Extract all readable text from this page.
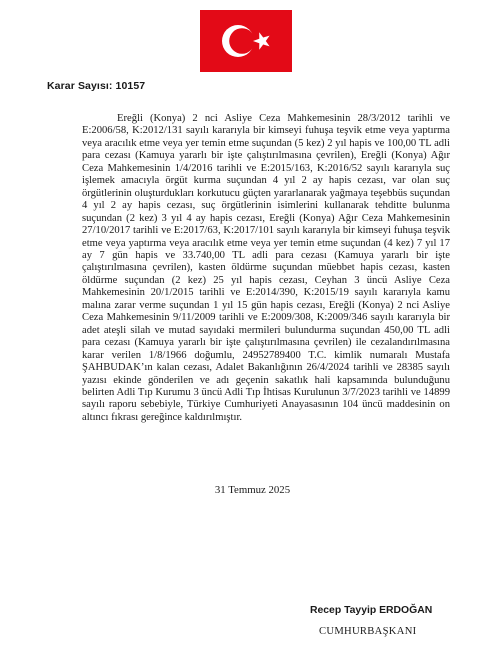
Karar Sayısı: 10157
Ereğli (Konya) 2 nci Asliye Ceza Mahkemesinin 28/3/2012 tarihli ve E:2006/58, K:2012/131 sayılı kararıyla bir kimseyi fuhuşa teşvik etme veya yaptırma veya aracılık etme veya yer temin etme suçundan (5 kez) 2 yıl hapis ve 100,00 TL adli para cezası (Kamuya yararlı bir işte çalıştırılmasına çevrilen), Ereğli (Konya) Ağır Ceza Mahkemesinin 1/4/2016 tarihli ve E:2015/163, K:2016/52 sayılı kararıyla suç işlemek amacıyla örgüt kurma suçundan 4 yıl 2 ay hapis cezası, var olan suç örgütlerinin oluşturdukları korkutucu güçten yararlanarak yağmaya teşebbüs suçundan 4 yıl 2 ay hapis cezası, suç örgütlerinin isimlerini kullanarak tehditte bulunma suçundan (2 kez) 3 yıl 4 ay hapis cezası, Ereğli (Konya) Ağır Ceza Mahkemesinin 27/10/2017 tarihli ve E:2017/63, K:2017/101 sayılı kararıyla bir kimseyi fuhuşa teşvik etme veya yaptırma veya aracılık etme veya yer temin etme suçundan (4 kez) 7 yıl 17 ay 7 gün hapis ve 33.740,00 TL adli para cezası (Kamuya yararlı bir işte çalıştırılmasına çevrilen), kasten öldürme suçundan müebbet hapis cezası, kasten öldürme suçundan (2 kez) 25 yıl hapis cezası, Ceyhan 3 üncü Asliye Ceza Mahkemesinin 20/1/2015 tarihli ve E:2014/390, K:2015/19 sayılı kararıyla kamu malına zarar verme suçundan 1 yıl 15 gün hapis cezası, Ereğli (Konya) 2 nci Asliye Ceza Mahkemesinin 9/11/2009 tarihli ve E:2009/308, K:2009/346 sayılı kararıyla bir adet ateşli silah ve mutad sayıdaki mermileri bulundurma suçundan 450,00 TL adli para cezası (Kamuya yararlı bir işte çalıştırılmasına çevrilen) ile cezalandırılmasına karar verilen 1/8/1966 doğumlu, 24952789400 T.C. kimlik numaralı Mustafa ŞAHBUDAK’ın kalan cezası, Adalet Bakanlığının 26/4/2024 tarihli ve 28385 sayılı yazısı ekinde gönderilen ve adı geçenin sakatlık hali kapsamında bulunduğunu belirten Adli Tıp Kurumu 3 üncü Adli Tıp İhtisas Kurulunun 3/7/2023 tarihli ve 14899 sayılı raporu sebebiyle, Türkiye Cumhuriyeti Anayasasının 104 üncü maddesinin on altıncı fıkrası gereğince kaldırılmıştır.
31 Temmuz 2025
Recep Tayyip ERDOĞAN
CUMHURBAŞKANI
